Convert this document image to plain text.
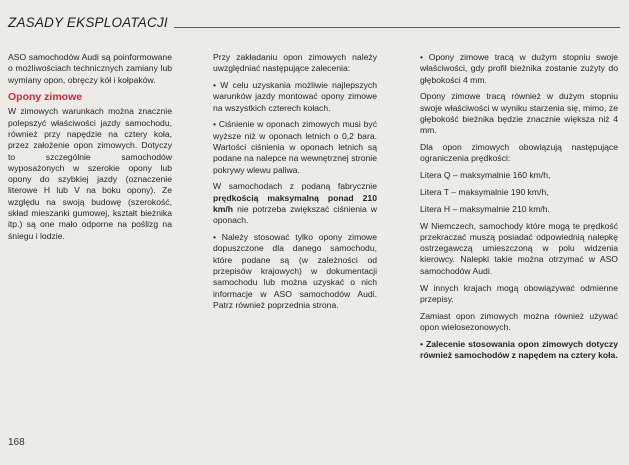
ZASADY EKSPLOATACJI

ASO samochodów Audi są poinformowane o możliwościach technicznych zamiany lub wymiany opon, obręczy kół i kołpaków.

Opony zimowe

W zimowych warunkach można znacznie polepszyć właściwości jazdy samochodu, również przy napędzie na cztery koła, przez założenie opon zimowych. Dotyczy to szczególnie samochodów wyposażonych w szerokie opony lub opony do szybkiej jazdy (oznaczenie literowe H lub V na boku opony). Ze względu na swoją budowę (szerokość, skład mieszanki gumowej, kształt bieżnika itp.) są one mało odporne na poślizg na śniegu i lodzie.

Przy zakładaniu opon zimowych należy uwzględniać następujące zalecenia:

• W celu uzyskania możliwie najlepszych warunków jazdy montować opony zimowe na wszystkich czterech kołach.

• Ciśnienie w oponach zimowych musi być wyższe niż w oponach letnich o 0,2 bara. Wartości ciśnienia w oponach letnich są podane na nalepce na wewnętrznej stronie pokrywy wlewu paliwa.

W samochodach z podaną fabrycznie prędkością maksymalną ponad 210 km/h nie potrzeba zwiększać ciśnienia w oponach.

• Należy stosować tylko opony zimowe dopuszczone dla danego samochodu, które podane są (w zależności od przepisów krajowych) w dokumentacji samochodu lub można uzyskać o nich informacje w ASO samochodów Audi. Patrz również poprzednia strona.

• Opony zimowe tracą w dużym stopniu swoje właściwości, gdy profil bieżnika zostanie zużyty do głębokości 4 mm.

Opony zimowe tracą również w dużym stopniu swoje właściwości w wyniku starzenia się, mimo, że głębokość bieżnika będzie znacznie większa niż 4 mm.

Dla opon zimowych obowiązują następujące ograniczenia prędkości:

Litera Q – maksymalnie 160 km/h,

Litera T – maksymalnie 190 km/h,

Litera H – maksymalnie 210 km/h.

W Niemczech, samochody które mogą te prędkość przekraczać muszą posiadać odpowiednią nalepkę ostrzegawczą umieszczoną w polu widzenia kierowcy. Nalepki takie można otrzymać w ASO samochodów Audi.

W innych krajach mogą obowiązywać odmienne przepisy.

Zamiast opon zimowych można również używać opon wielosezonowych.

• Zalecenie stosowania opon zimowych dotyczy również samochodów z napędem na cztery koła.

168
